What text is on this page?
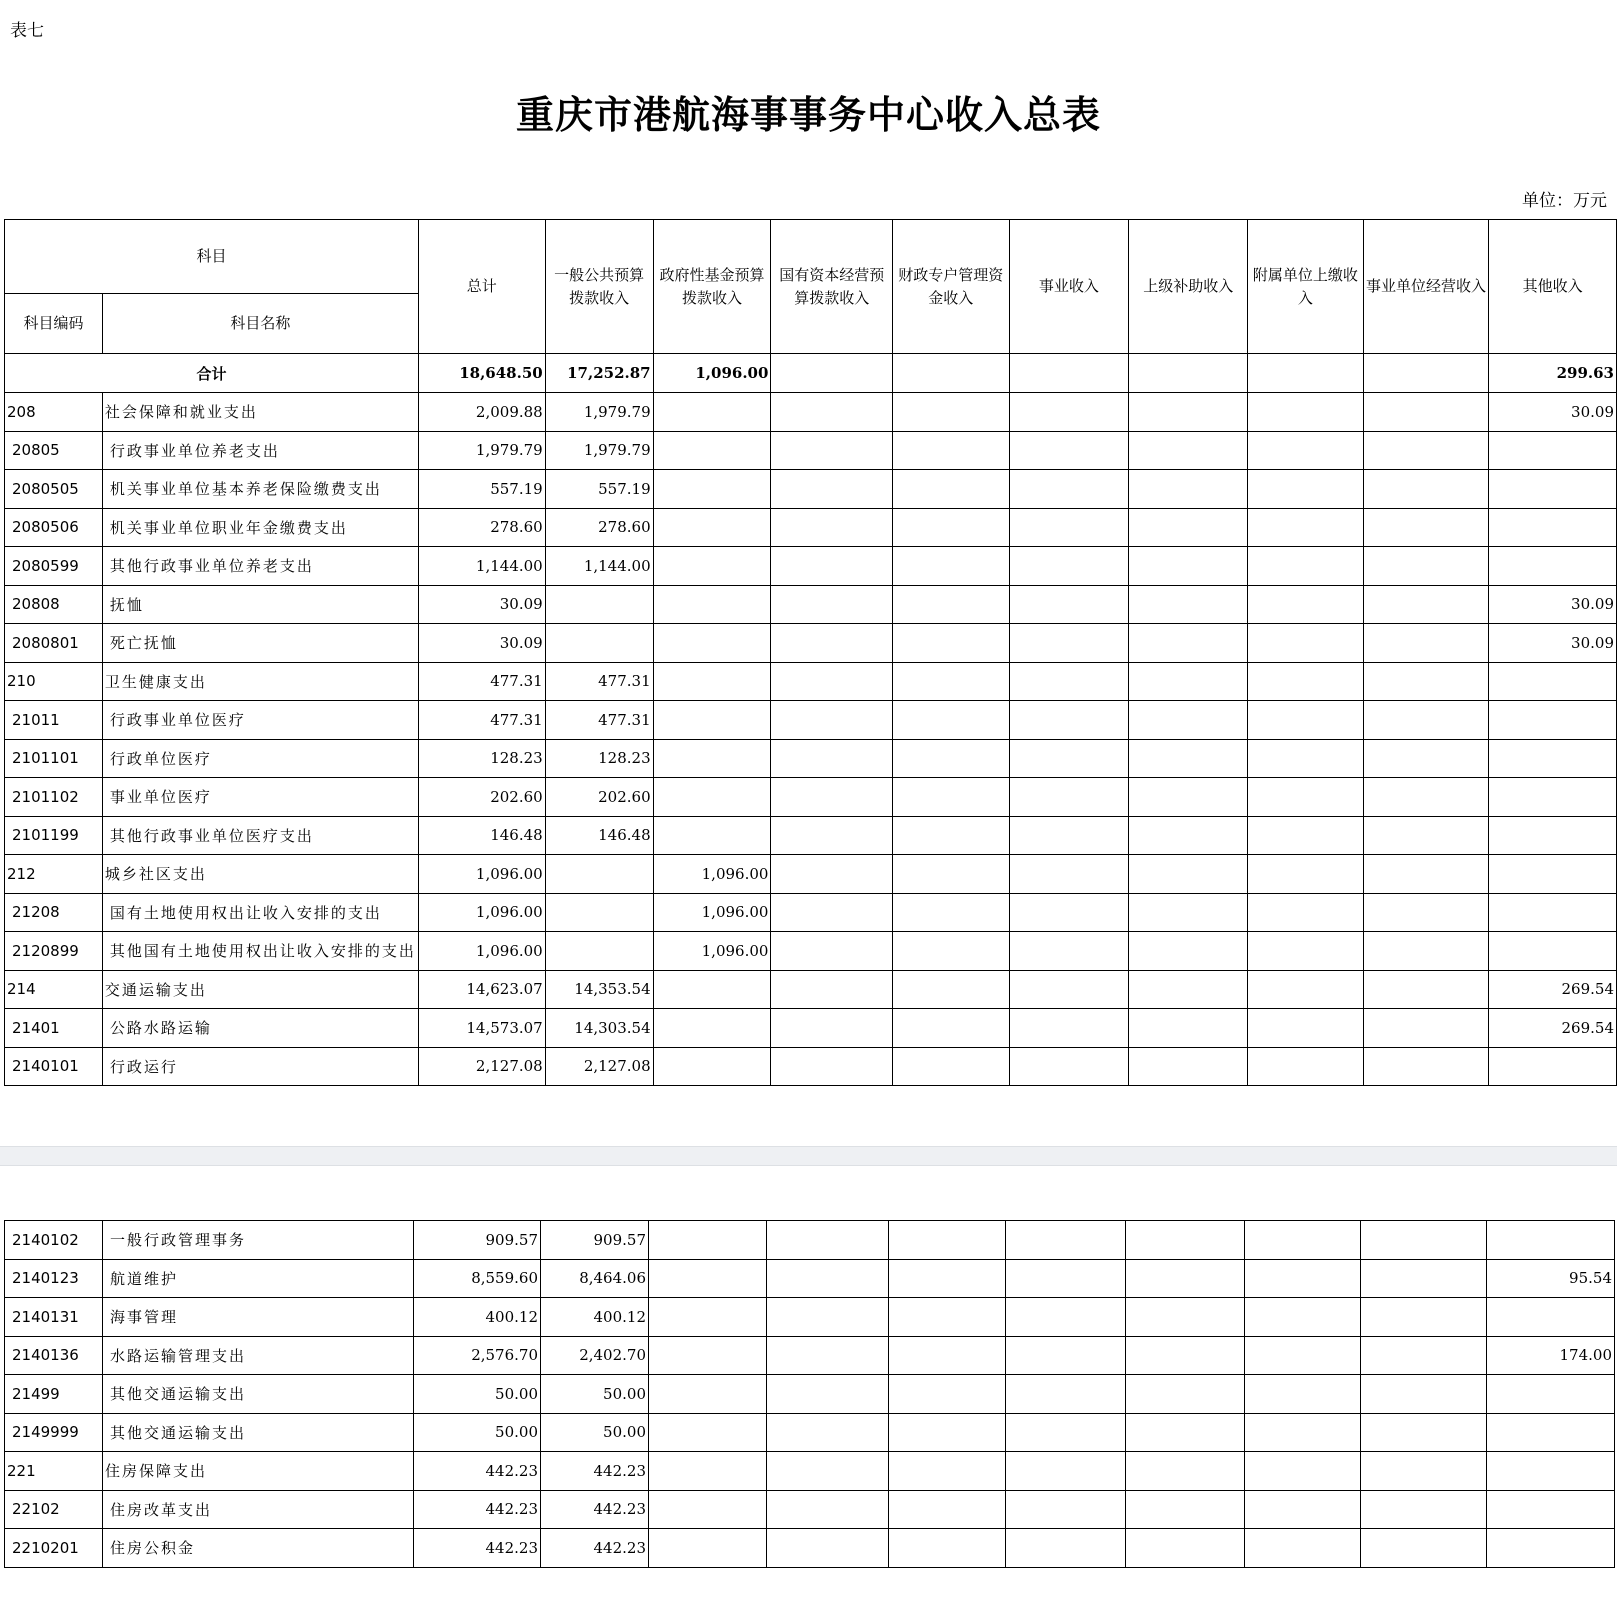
表七
重庆市港航海事事务中心收入总表
单位：万元
科目		总计	一般公共预算拨款收入	政府性基金预算拨款收入	国有资本经营预算拨款收入	财政专户管理资金收入	事业收入	上级补助收入	附属单位上缴收入	事业单位经营收入	其他收入
科目编码	科目名称										
合计		18,648.50	17,252.87	1,096.00							299.63
208	社会保障和就业支出	2,009.88	1,979.79								30.09
20805	行政事业单位养老支出	1,979.79	1,979.79								
2080505	机关事业单位基本养老保险缴费支出	557.19	557.19								
2080506	机关事业单位职业年金缴费支出	278.60	278.60								
2080599	其他行政事业单位养老支出	1,144.00	1,144.00								
20808	抚恤	30.09									30.09
2080801	死亡抚恤	30.09									30.09
210	卫生健康支出	477.31	477.31								
21011	行政事业单位医疗	477.31	477.31								
2101101	行政单位医疗	128.23	128.23								
2101102	事业单位医疗	202.60	202.60								
2101199	其他行政事业单位医疗支出	146.48	146.48								
212	城乡社区支出	1,096.00		1,096.00							
21208	国有土地使用权出让收入安排的支出	1,096.00		1,096.00							
2120899	其他国有土地使用权出让收入安排的支出	1,096.00		1,096.00							
214	交通运输支出	14,623.07	14,353.54								269.54
21401	公路水路运输	14,573.07	14,303.54								269.54
2140101	行政运行	2,127.08	2,127.08								
2140102	一般行政管理事务	909.57	909.57								
2140123	航道维护	8,559.60	8,464.06								95.54
2140131	海事管理	400.12	400.12								
2140136	水路运输管理支出	2,576.70	2,402.70								174.00
21499	其他交通运输支出	50.00	50.00								
2149999	其他交通运输支出	50.00	50.00								
221	住房保障支出	442.23	442.23								
22102	住房改革支出	442.23	442.23								
2210201	住房公积金	442.23	442.23								
